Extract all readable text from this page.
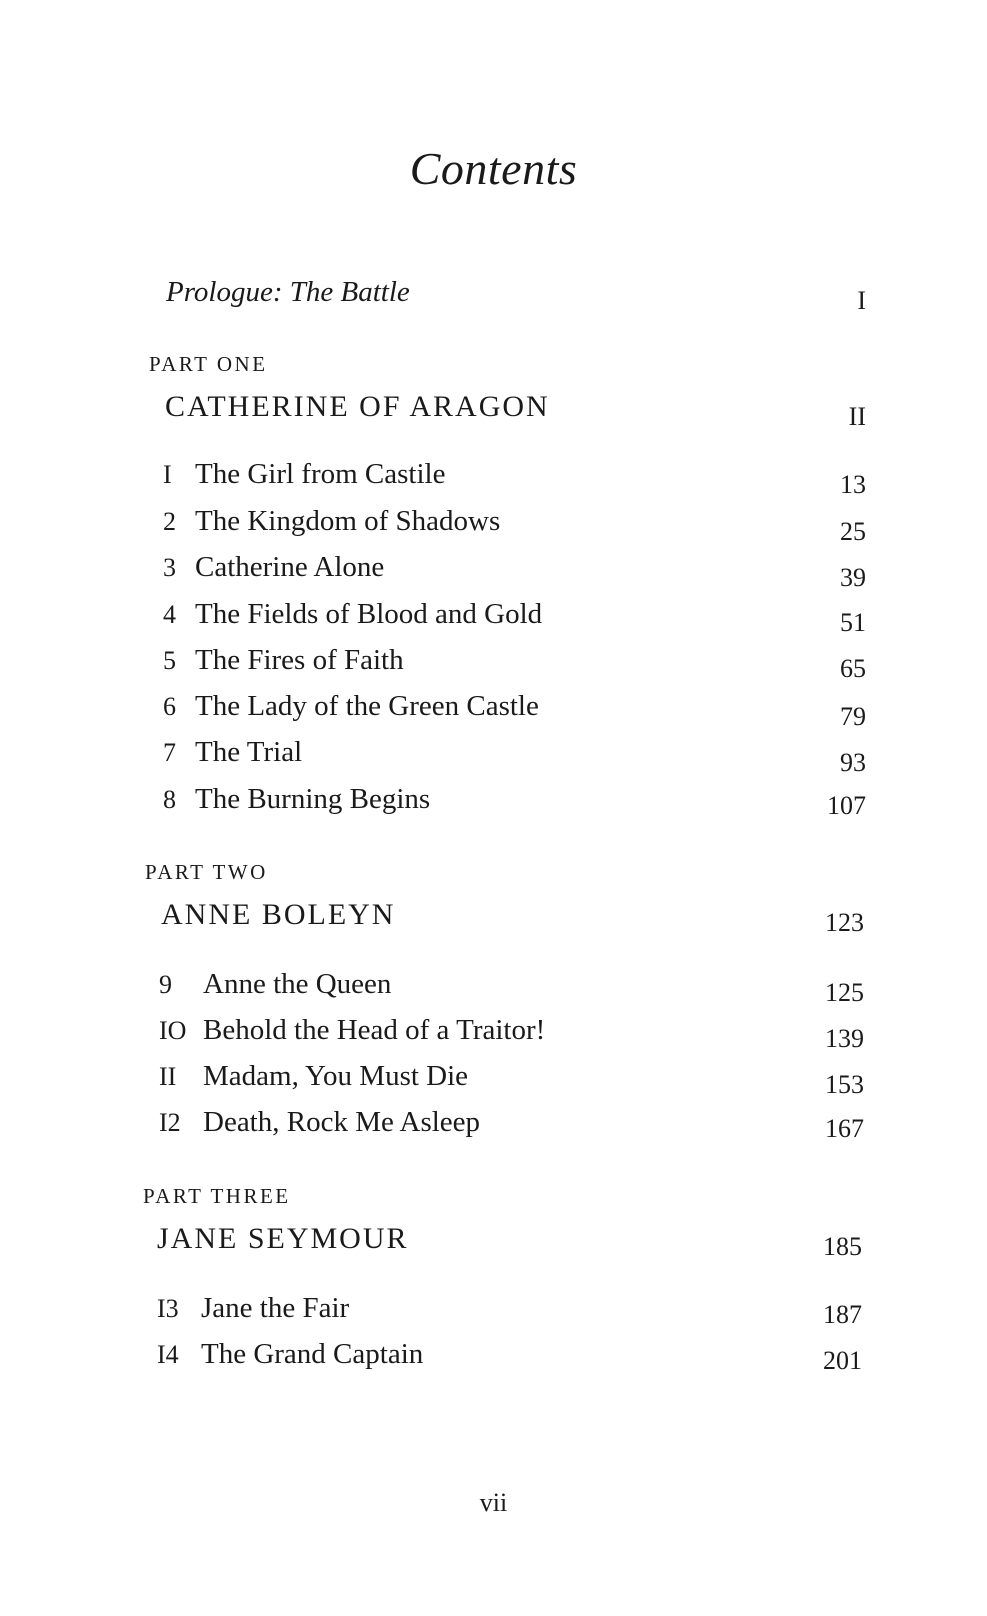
Contents
Prologue: The Battle	I
PART ONE
CATHERINE OF ARAGON	II
I The Girl from Castile	13
2 The Kingdom of Shadows	25
3 Catherine Alone	39
4 The Fields of Blood and Gold	51
5 The Fires of Faith	65
6 The Lady of the Green Castle	79
7 The Trial	93
8 The Burning Begins	107
PART TWO
ANNE BOLEYN	123
9 Anne the Queen	125
IO Behold the Head of a Traitor!	139
II Madam, You Must Die	153
I2 Death, Rock Me Asleep	167
PART THREE
JANE SEYMOUR	185
I3 Jane the Fair	187
I4 The Grand Captain	201
vii
